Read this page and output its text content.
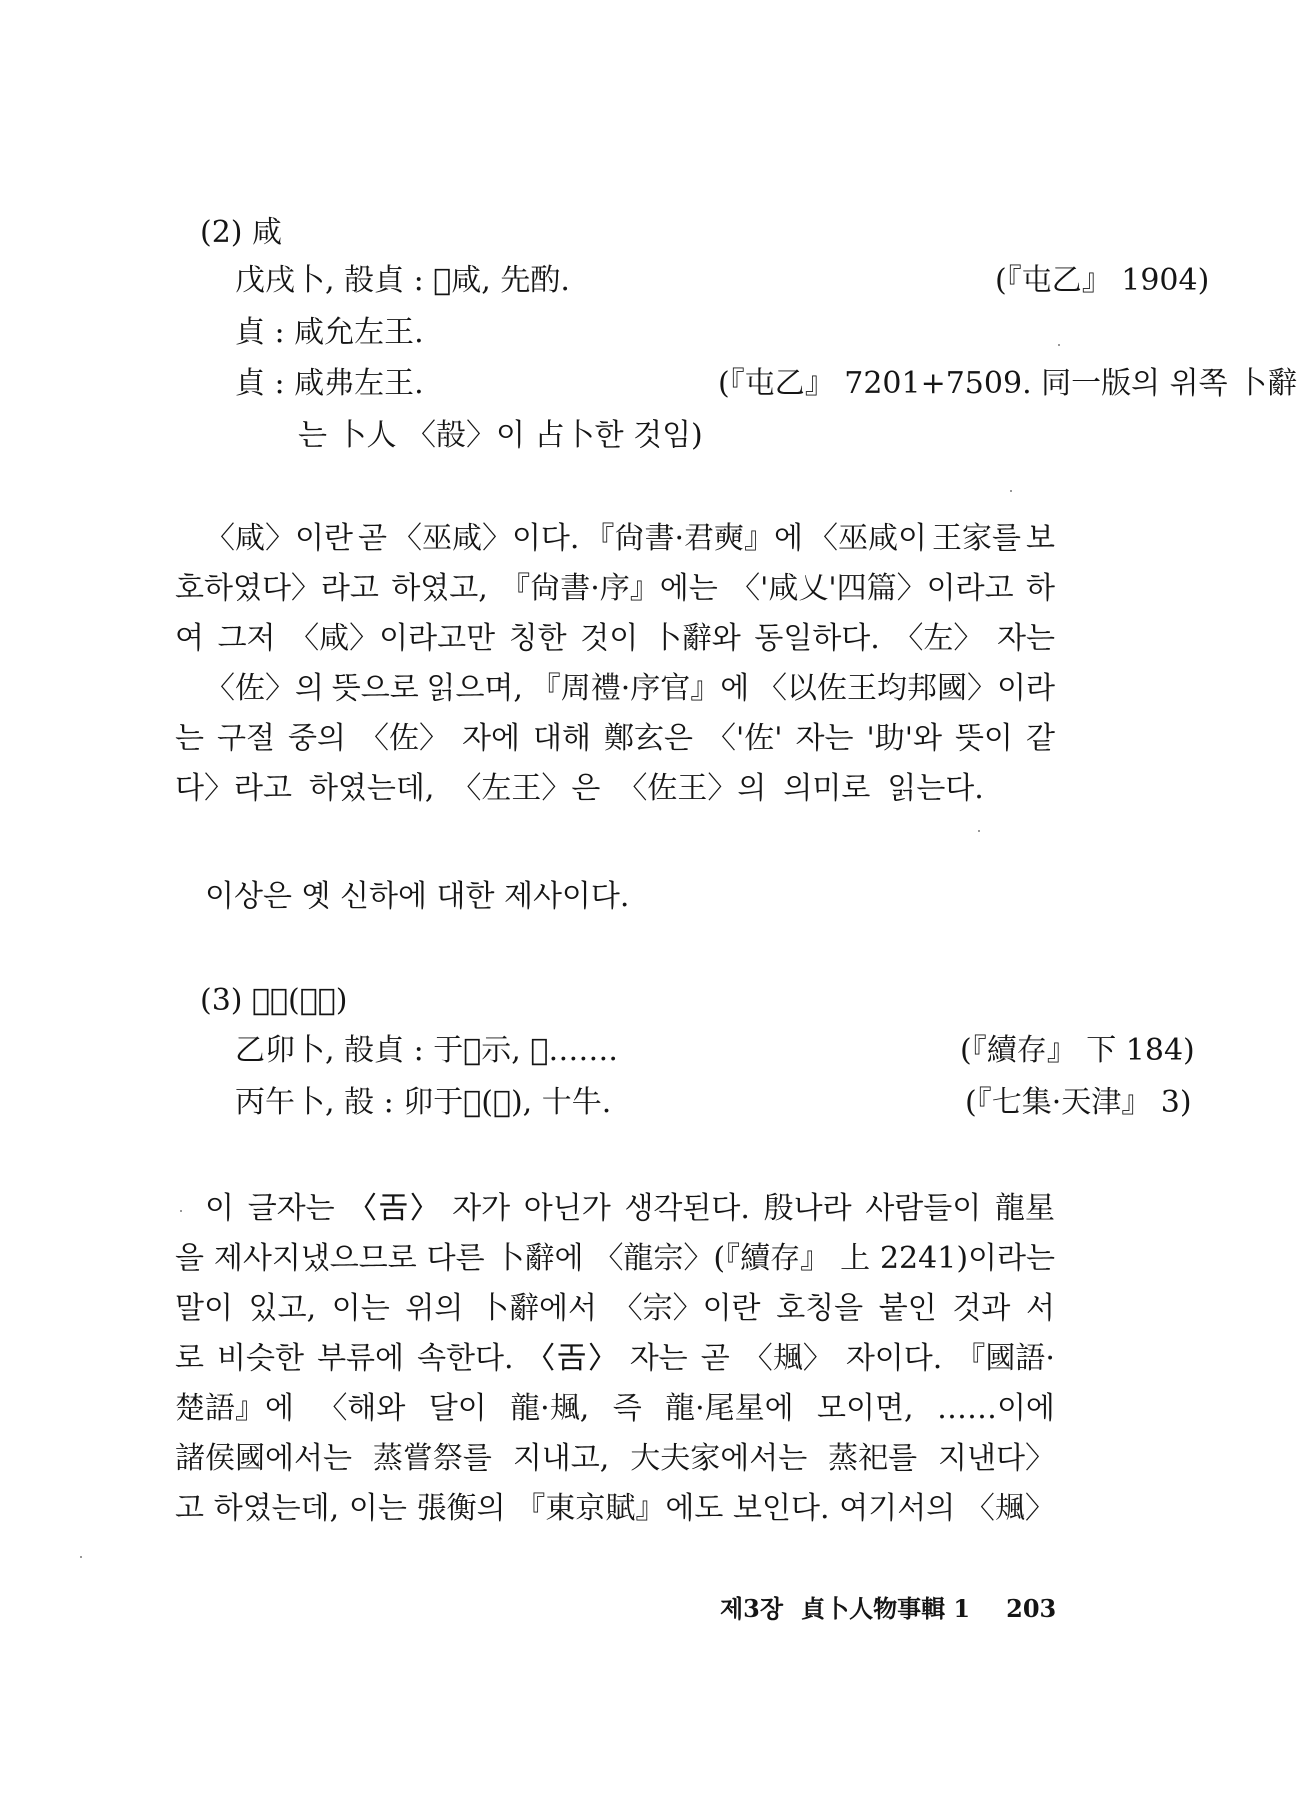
(2) 咸
戊戌卜, 㱿貞 : 𠃬咸, 先酌.	(『屯乙』 1904)
貞 : 咸允左王.
貞 : 咸弗左王.	(『屯乙』 7201+7509. 同一版의 위쪽 卜辭
는 卜人 〈㱿〉이 占卜한 것임)
〈咸〉이란 곧 〈巫咸〉이다. 『尙書·君奭』에 〈巫咸이 王家를 보
호하였다〉라고 하였고, 『尙書·序』에는 〈'咸乂'四篇〉이라고 하
여 그저 〈咸〉이라고만 칭한 것이 卜辭와 동일하다. 〈左〉 자는
〈佐〉의 뜻으로 읽으며, 『周禮·序官』에 〈以佐王均邦國〉이라
는 구절 중의 〈佐〉 자에 대해 鄭玄은 〈'佐' 자는 '助'와 뜻이 같
다〉라고 하였는데, 〈左王〉은 〈佐王〉의 의미로 읽는다.
이상은 옛 신하에 대한 제사이다.
(3) 𤕫示(𩖬宗)
乙卯卜, 㱿貞 : 于𤕫示, 𢆶…….	(『續存』 下 184)
丙午卜, 㱿 : 卯于𤕫(𩖬), 十牛.	(『七集·天津』 3)
이 글자는 〈𢀛〉 자가 아닌가 생각된다. 殷나라 사람들이 龍星
을 제사지냈으므로 다른 卜辭에 〈龍宗〉(『續存』 上 2241)이라는
말이 있고, 이는 위의 卜辭에서 〈宗〉이란 호칭을 붙인 것과 서
로 비슷한 부류에 속한다. 〈𢀛〉 자는 곧 〈𩖬〉 자이다. 『國語·
楚語』에 〈해와 달이 龍·𩖬, 즉 龍·尾星에 모이면, ……이에
諸侯國에서는 蒸嘗祭를 지내고, 大夫家에서는 蒸祀를 지낸다〉
고 하였는데, 이는 張衡의 『東京賦』에도 보인다. 여기서의 〈𩖬〉
제3장 貞卜人物事輯 1 203
